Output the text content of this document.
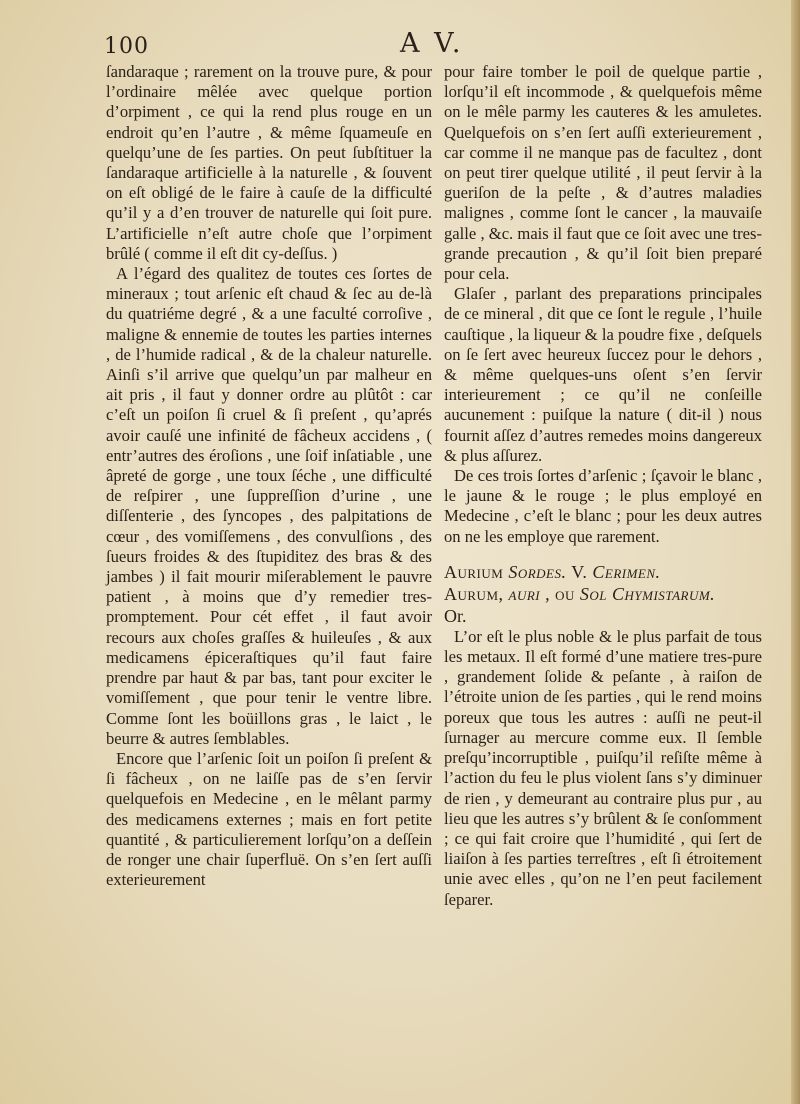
100	A V.

ſandaraque ; rarement on la trouve pure, & pour l’ordinaire mêlée avec quelque portion d’orpiment , ce qui la rend plus rouge en un endroit qu’en l’autre , & même ſquameuſe en quelqu’une de ſes parties. On peut ſubſtituer la ſandaraque artificielle à la naturelle , & ſouvent on eſt obligé de le faire à cauſe de la difficulté qu’il y a d’en trouver de naturelle qui ſoit pure. L’artificielle n’eſt autre choſe que l’orpiment brûlé ( comme il eſt dit cy-deſſus. )

A l’égard des qualitez de toutes ces ſortes de mineraux ; tout arſenic eſt chaud & ſec au de-là du quatriéme degré , & a une faculté corroſive , maligne & ennemie de toutes les parties internes , de l’humide radical , & de la chaleur naturelle. Ainſi s’il arrive que quelqu’un par malheur en ait pris , il faut y donner ordre au plûtôt : car c’eſt un poiſon ſi cruel & ſi preſent , qu’aprés avoir cauſé une infinité de fâcheux accidens , ( entr’autres des éroſions , une ſoif inſatiable , une âpreté de gorge , une toux ſéche , une difficulté de reſpirer , une ſuppreſſion d’urine , une diſſenterie , des ſyncopes , des palpitations de cœur , des vomiſſemens , des convulſions , des ſueurs froides & des ſtupiditez des bras & des jambes ) il fait mourir miſerablement le pauvre patient , à moins que d’y remedier tres-promptement. Pour cét effet , il faut avoir recours aux choſes graſſes & huileuſes , & aux medicamens épiceraſtiques qu’il faut faire prendre par haut & par bas, tant pour exciter le vomiſſement , que pour tenir le ventre libre. Comme ſont les boüillons gras , le laict , le beurre & autres ſemblables.

Encore que l’arſenic ſoit un poiſon ſi preſent & ſi fâcheux , on ne laiſſe pas de s’en ſervir quelquefois en Medecine , en le mêlant parmy des medicamens externes ; mais en fort petite quantité , & particulierement lorſqu’on a deſſein de ronger une chair ſuperfluë. On s’en ſert auſſi exterieurement

pour faire tomber le poil de quelque partie , lorſqu’il eſt incommode , & quelquefois même on le mêle parmy les cauteres & les amuletes. Quelquefois on s’en ſert auſſi exterieurement , car comme il ne manque pas de facultez , dont on peut tirer quelque utilité , il peut ſervir à la gueriſon de la peſte , & d’autres maladies malignes , comme ſont le cancer , la mauvaiſe galle , &c. mais il faut que ce ſoit avec une tres-grande precaution , & qu’il ſoit bien preparé pour cela.

Glaſer , parlant des preparations principales de ce mineral , dit que ce ſont le regule , l’huile cauſtique , la liqueur & la poudre fixe , deſquels on ſe ſert avec heureux ſuccez pour le dehors , & même quelques-uns oſent s’en ſervir interieurement ; ce qu’il ne conſeille aucunement : puiſque la nature ( dit-il ) nous fournit aſſez d’autres remedes moins dangereux & plus aſſurez.

De ces trois ſortes d’arſenic ; ſçavoir le blanc , le jaune & le rouge ; le plus employé en Medecine , c’eſt le blanc ; pour les deux autres on ne les employe que rarement.

Aurium Sordes. V. Cerimen.

Aurum, auri , ou Sol Chymiſtarum.

Or.

L’or eſt le plus noble & le plus parfait de tous les metaux. Il eſt formé d’une matiere tres-pure , grandement ſolide & peſante , à raiſon de l’étroite union de ſes parties , qui le rend moins poreux que tous les autres : auſſi ne peut-il ſurnager au mercure comme eux. Il ſemble preſqu’incorruptible , puiſqu’il reſiſte même à l’action du feu le plus violent ſans s’y diminuer de rien , y demeurant au contraire plus pur , au lieu que les autres s’y brûlent & ſe conſomment ; ce qui fait croire que l’humidité , qui ſert de liaiſon à ſes parties terreſtres , eſt ſi étroitement unie avec elles , qu’on ne l’en peut facilement ſeparer.
